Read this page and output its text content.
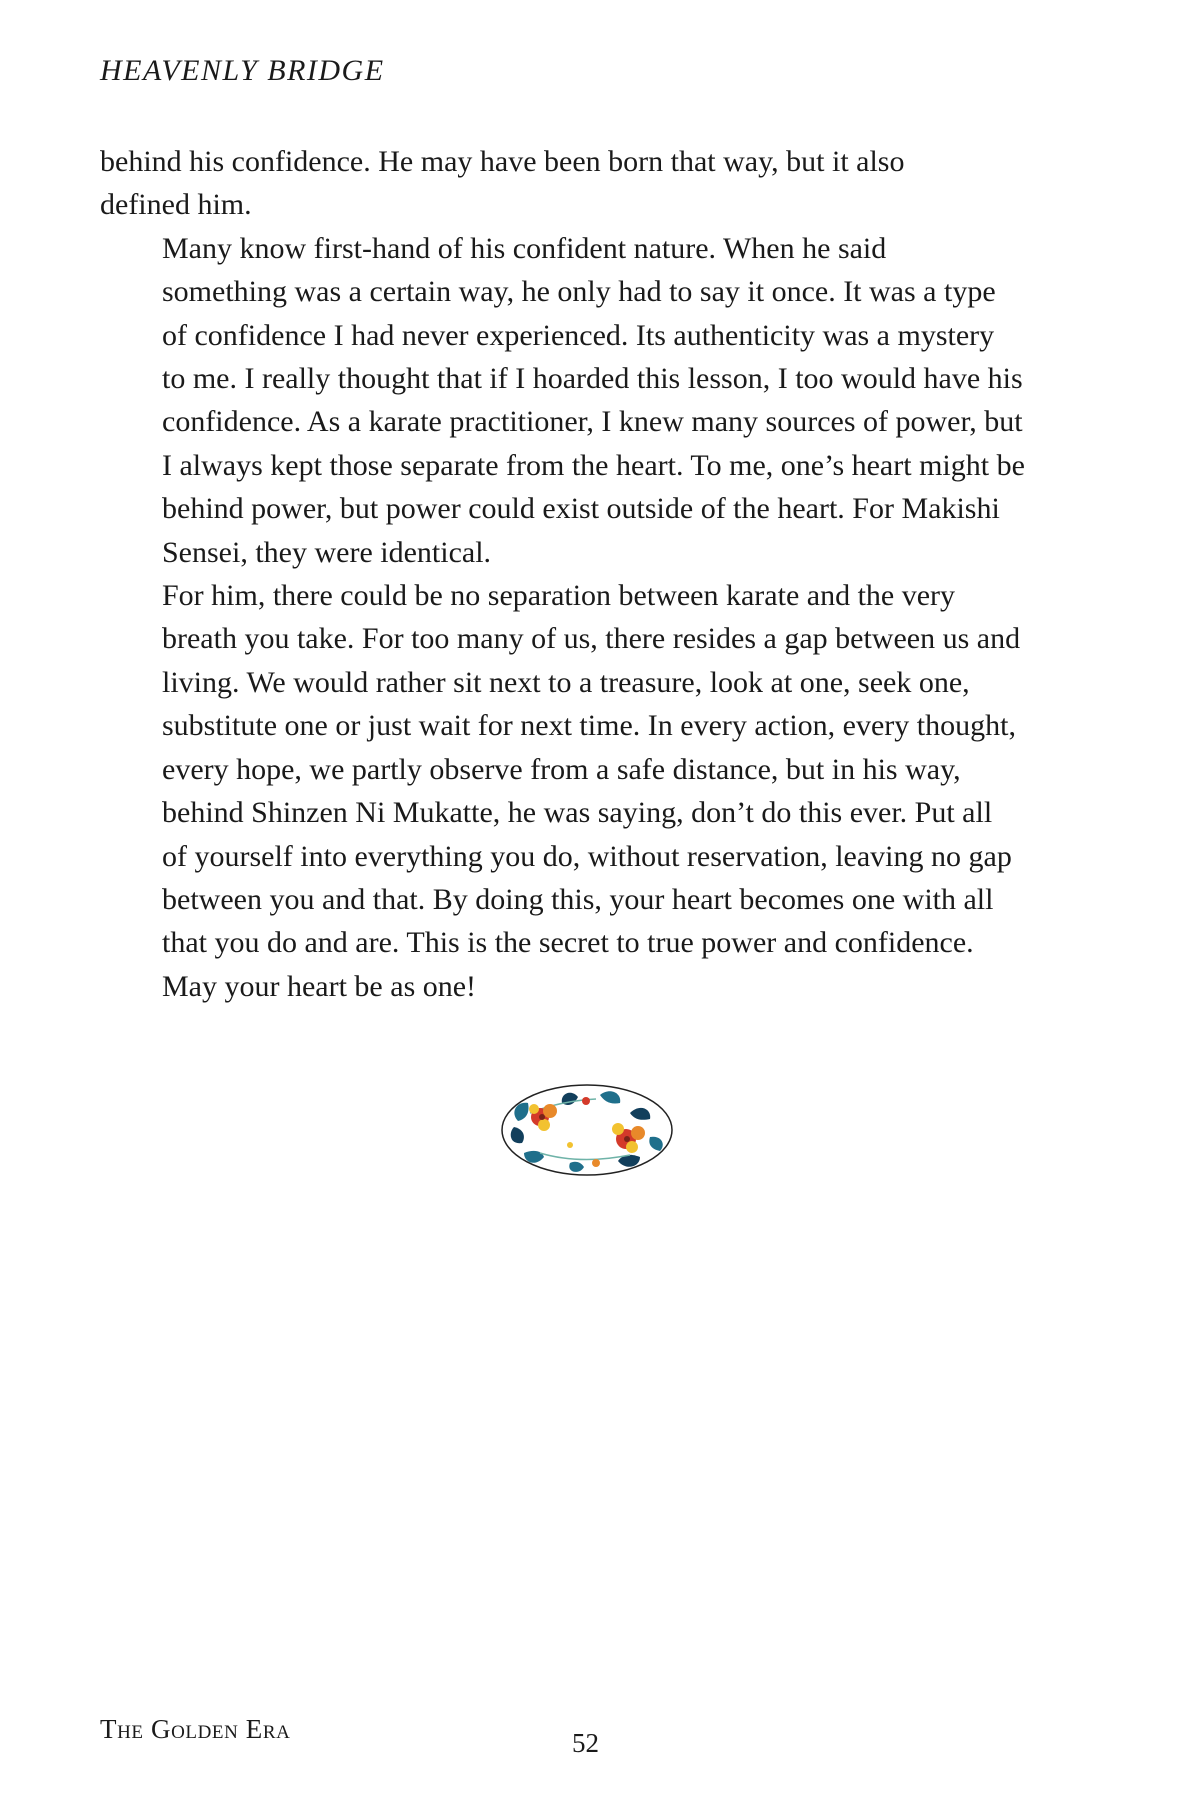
HEAVENLY BRIDGE

behind his confidence. He may have been born that way, but it also
defined him.

Many know first-hand of his confident nature. When he said
something was a certain way, he only had to say it once. It was a type
of confidence I had never experienced. Its authenticity was a mystery
to me. I really thought that if I hoarded this lesson, I too would have his
confidence. As a karate practitioner, I knew many sources of power, but
I always kept those separate from the heart. To me, one’s heart might be
behind power, but power could exist outside of the heart. For Makishi
Sensei, they were identical.

For him, there could be no separation between karate and the very
breath you take. For too many of us, there resides a gap between us and
living. We would rather sit next to a treasure, look at one, seek one,
substitute one or just wait for next time. In every action, every thought,
every hope, we partly observe from a safe distance, but in his way,
behind Shinzen Ni Mukatte, he was saying, don’t do this ever. Put all
of yourself into everything you do, without reservation, leaving no gap
between you and that. By doing this, your heart becomes one with all
that you do and are. This is the secret to true power and confidence.

May your heart be as one!

The Golden Era	52
